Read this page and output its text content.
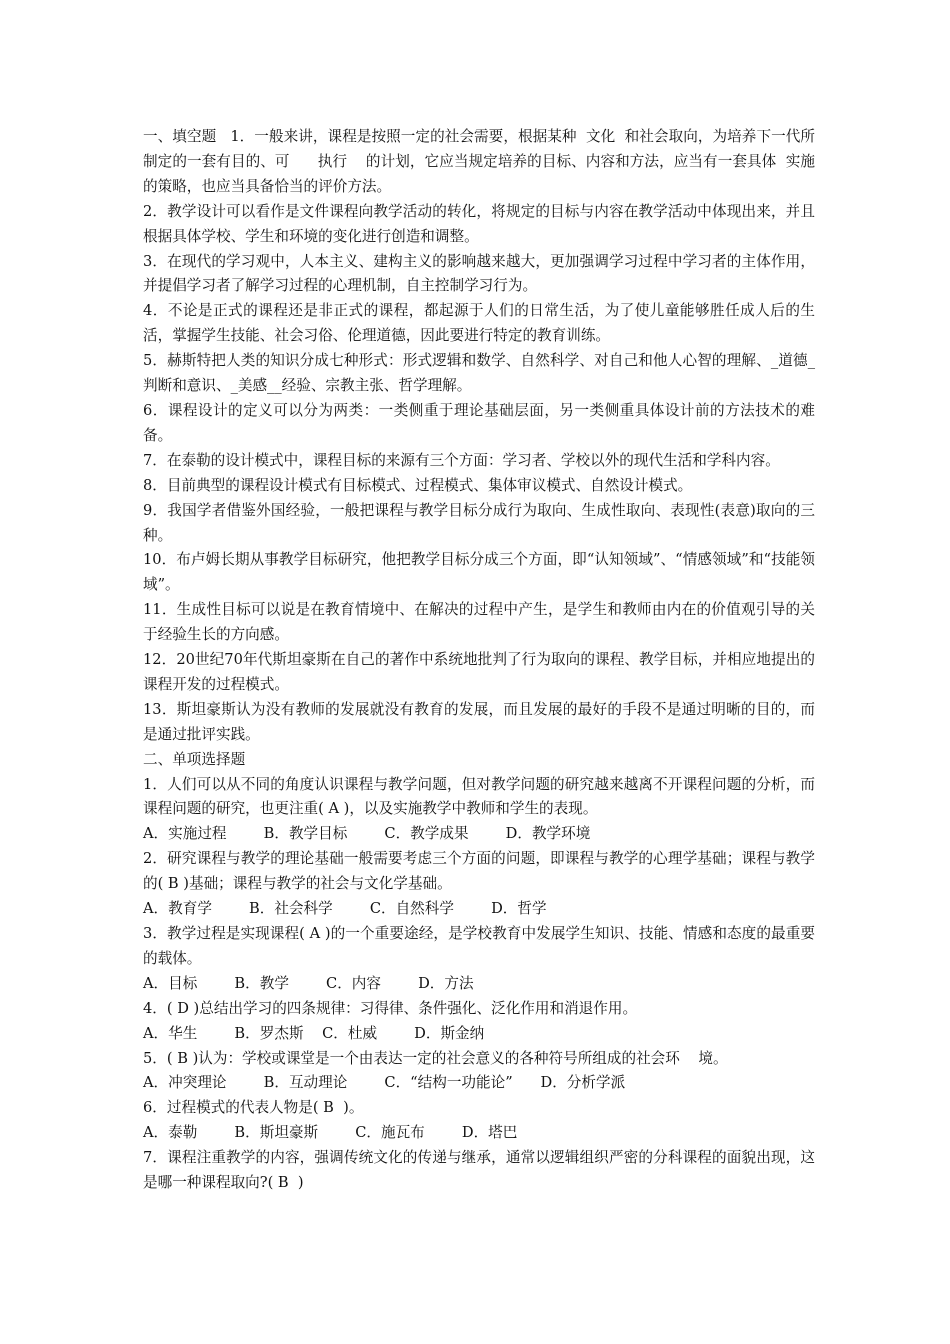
一、填空题   1．一般来讲，课程是按照一定的社会需要，根据某种  文化  和社会取向，为培养下一代所制定的一套有目的、可      执行    的计划，它应当规定培养的目标、内容和方法，应当有一套具体  实施  的策略，也应当具备恰当的评价方法。

2．教学设计可以看作是文件课程向教学活动的转化，将规定的目标与内容在教学活动中体现出来，并且根据具体学校、学生和环境的变化进行创造和调整。

3．在现代的学习观中，人本主义、建构主义的影响越来越大，更加强调学习过程中学习者的主体作用，并提倡学习者了解学习过程的心理机制，自主控制学习行为。

4．不论是正式的课程还是非正式的课程，都起源于人们的日常生活，为了使儿童能够胜任成人后的生活，掌握学生技能、社会习俗、伦理道德，因此要进行特定的教育训练。

5．赫斯特把人类的知识分成七种形式：形式逻辑和数学、自然科学、对自己和他人心智的理解、_道德_判断和意识、_美感__经验、宗教主张、哲学理解。

6．课程设计的定义可以分为两类：一类侧重于理论基础层面，另一类侧重具体设计前的方法技术的难备。

7．在泰勒的设计模式中，课程目标的来源有三个方面：学习者、学校以外的现代生活和学科内容。

8．目前典型的课程设计模式有目标模式、过程模式、集体审议模式、自然设计模式。

9．我国学者借鉴外国经验，一般把课程与教学目标分成行为取向、生成性取向、表现性(表意)取向的三种。

10．布卢姆长期从事教学目标研究，他把教学目标分成三个方面，即“认知领域”、“情感领域”和“技能领域”。

11．生成性目标可以说是在教育情境中、在解决的过程中产生，是学生和教师由内在的价值观引导的关于经验生长的方向感。

12．20世纪70年代斯坦豪斯在自己的著作中系统地批判了行为取向的课程、教学目标，并相应地提出的课程开发的过程模式。

13．斯坦豪斯认为没有教师的发展就没有教育的发展，而且发展的最好的手段不是通过明晰的目的，而是通过批评实践。

二、单项选择题

1．人们可以从不同的角度认识课程与教学问题，但对教学问题的研究越来越离不开课程问题的分析，而课程问题的研究，也更注重( A )，以及实施教学中教师和学生的表现。

A．实施过程        B．教学目标        C．教学成果        D．教学环境

2．研究课程与教学的理论基础一般需要考虑三个方面的问题，即课程与教学的心理学基础；课程与教学的( B )基础；课程与教学的社会与文化学基础。

A．教育学        B．社会科学        C．自然科学        D．哲学

3．教学过程是实现课程( A )的一个重要途经，是学校教育中发展学生知识、技能、情感和态度的最重要的载体。

A．目标        B．教学        C．内容        D．方法

4．( D )总结出学习的四条规律：习得律、条件强化、泛化作用和消退作用。

A．华生        B．罗杰斯    C．杜威        D．斯金纳

5．( B )认为：学校或课堂是一个由表达一定的社会意义的各种符号所组成的社会环    境。

A．冲突理论        B．互动理论        C．“结构一功能论”      D．分析学派

6．过程模式的代表人物是( B  )。

A．泰勒        B．斯坦豪斯        C．施瓦布        D．塔巴

7．课程注重教学的内容，强调传统文化的传递与继承，通常以逻辑组织严密的分科课程的面貌出现，这是哪一种课程取向?( B  )
